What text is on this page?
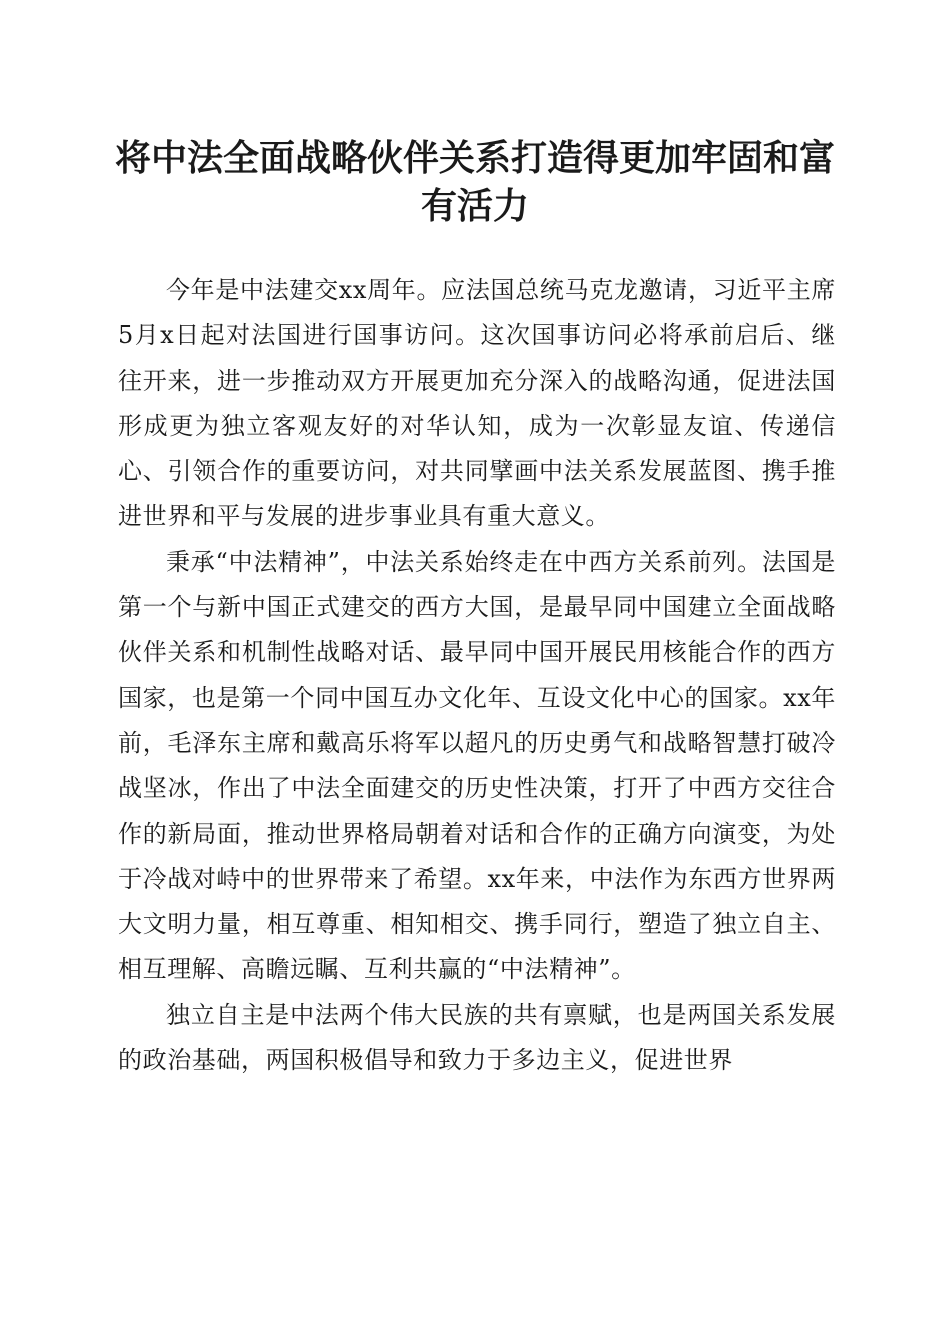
将中法全面战略伙伴关系打造得更加牢固和富有活力

今年是中法建交xx周年。应法国总统马克龙邀请，习近平主席5月x日起对法国进行国事访问。这次国事访问必将承前启后、继往开来，进一步推动双方开展更加充分深入的战略沟通，促进法国形成更为独立客观友好的对华认知，成为一次彰显友谊、传递信心、引领合作的重要访问，对共同擘画中法关系发展蓝图、携手推进世界和平与发展的进步事业具有重大意义。

秉承“中法精神”，中法关系始终走在中西方关系前列。法国是第一个与新中国正式建交的西方大国，是最早同中国建立全面战略伙伴关系和机制性战略对话、最早同中国开展民用核能合作的西方国家，也是第一个同中国互办文化年、互设文化中心的国家。xx年前，毛泽东主席和戴高乐将军以超凡的历史勇气和战略智慧打破冷战坚冰，作出了中法全面建交的历史性决策，打开了中西方交往合作的新局面，推动世界格局朝着对话和合作的正确方向演变，为处于冷战对峙中的世界带来了希望。xx年来，中法作为东西方世界两大文明力量，相互尊重、相知相交、携手同行，塑造了独立自主、相互理解、高瞻远瞩、互利共赢的“中法精神”。

独立自主是中法两个伟大民族的共有禀赋，也是两国关系发展的政治基础，两国积极倡导和致力于多边主义，促进世界
